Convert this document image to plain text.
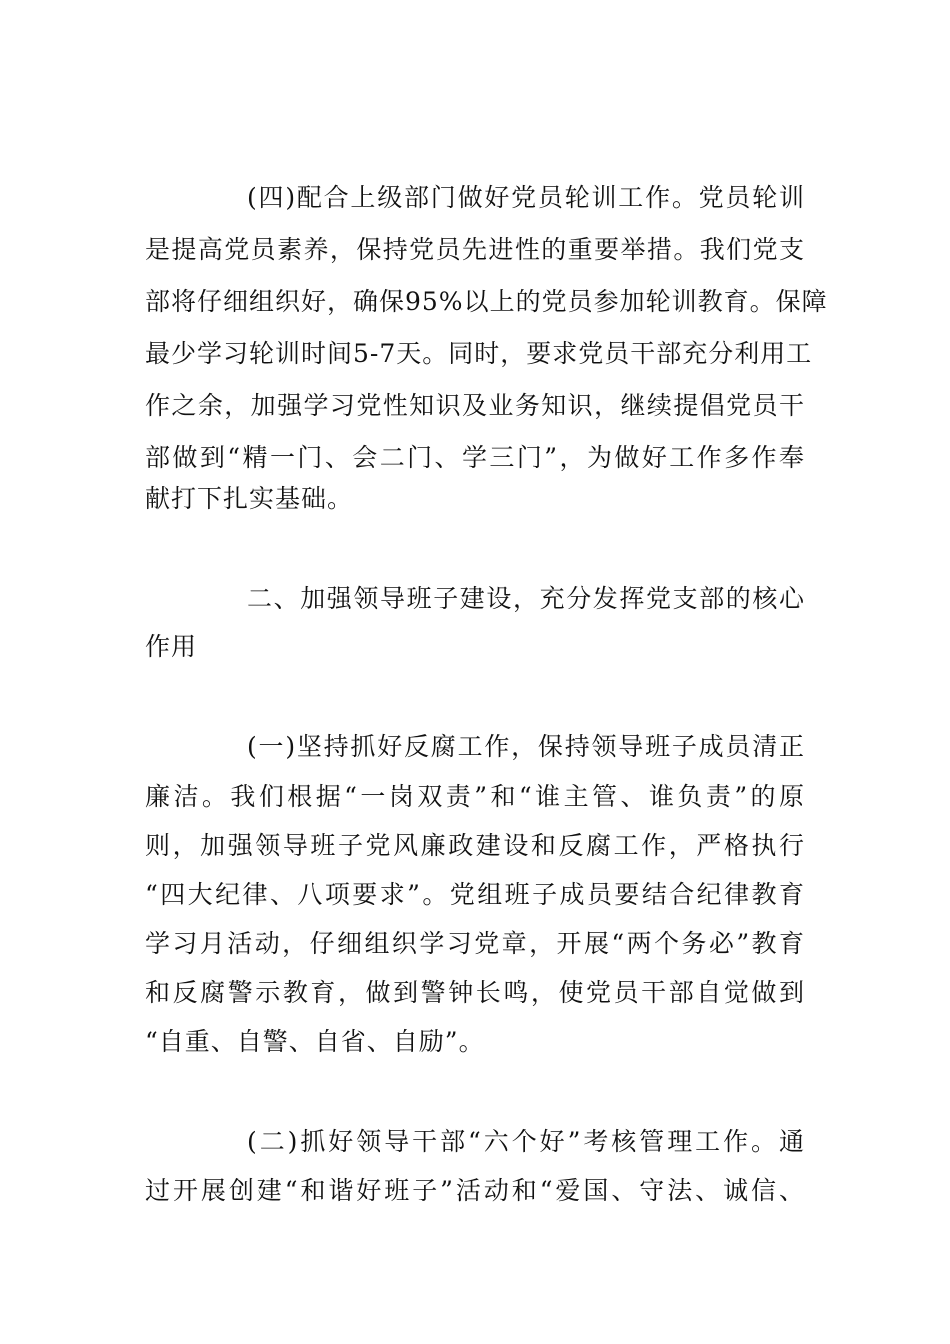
(四)配合上级部门做好党员轮训工作。党员轮训
是提高党员素养，保持党员先进性的重要举措。我们党支
部将仔细组织好，确保95%以上的党员参加轮训教育。保障
最少学习轮训时间5-7天。同时，要求党员干部充分利用工
作之余，加强学习党性知识及业务知识，继续提倡党员干
部做到“精一门、会二门、学三门”，为做好工作多作奉
献打下扎实基础。
二、加强领导班子建设，充分发挥党支部的核心
作用
(一)坚持抓好反腐工作，保持领导班子成员清正
廉洁。我们根据“一岗双责”和“谁主管、谁负责”的原
则，加强领导班子党风廉政建设和反腐工作，严格执行
“四大纪律、八项要求”。党组班子成员要结合纪律教育
学习月活动，仔细组织学习党章，开展“两个务必”教育
和反腐警示教育，做到警钟长鸣，使党员干部自觉做到
“自重、自警、自省、自励”。
(二)抓好领导干部“六个好”考核管理工作。通
过开展创建“和谐好班子”活动和“爱国、守法、诚信、
